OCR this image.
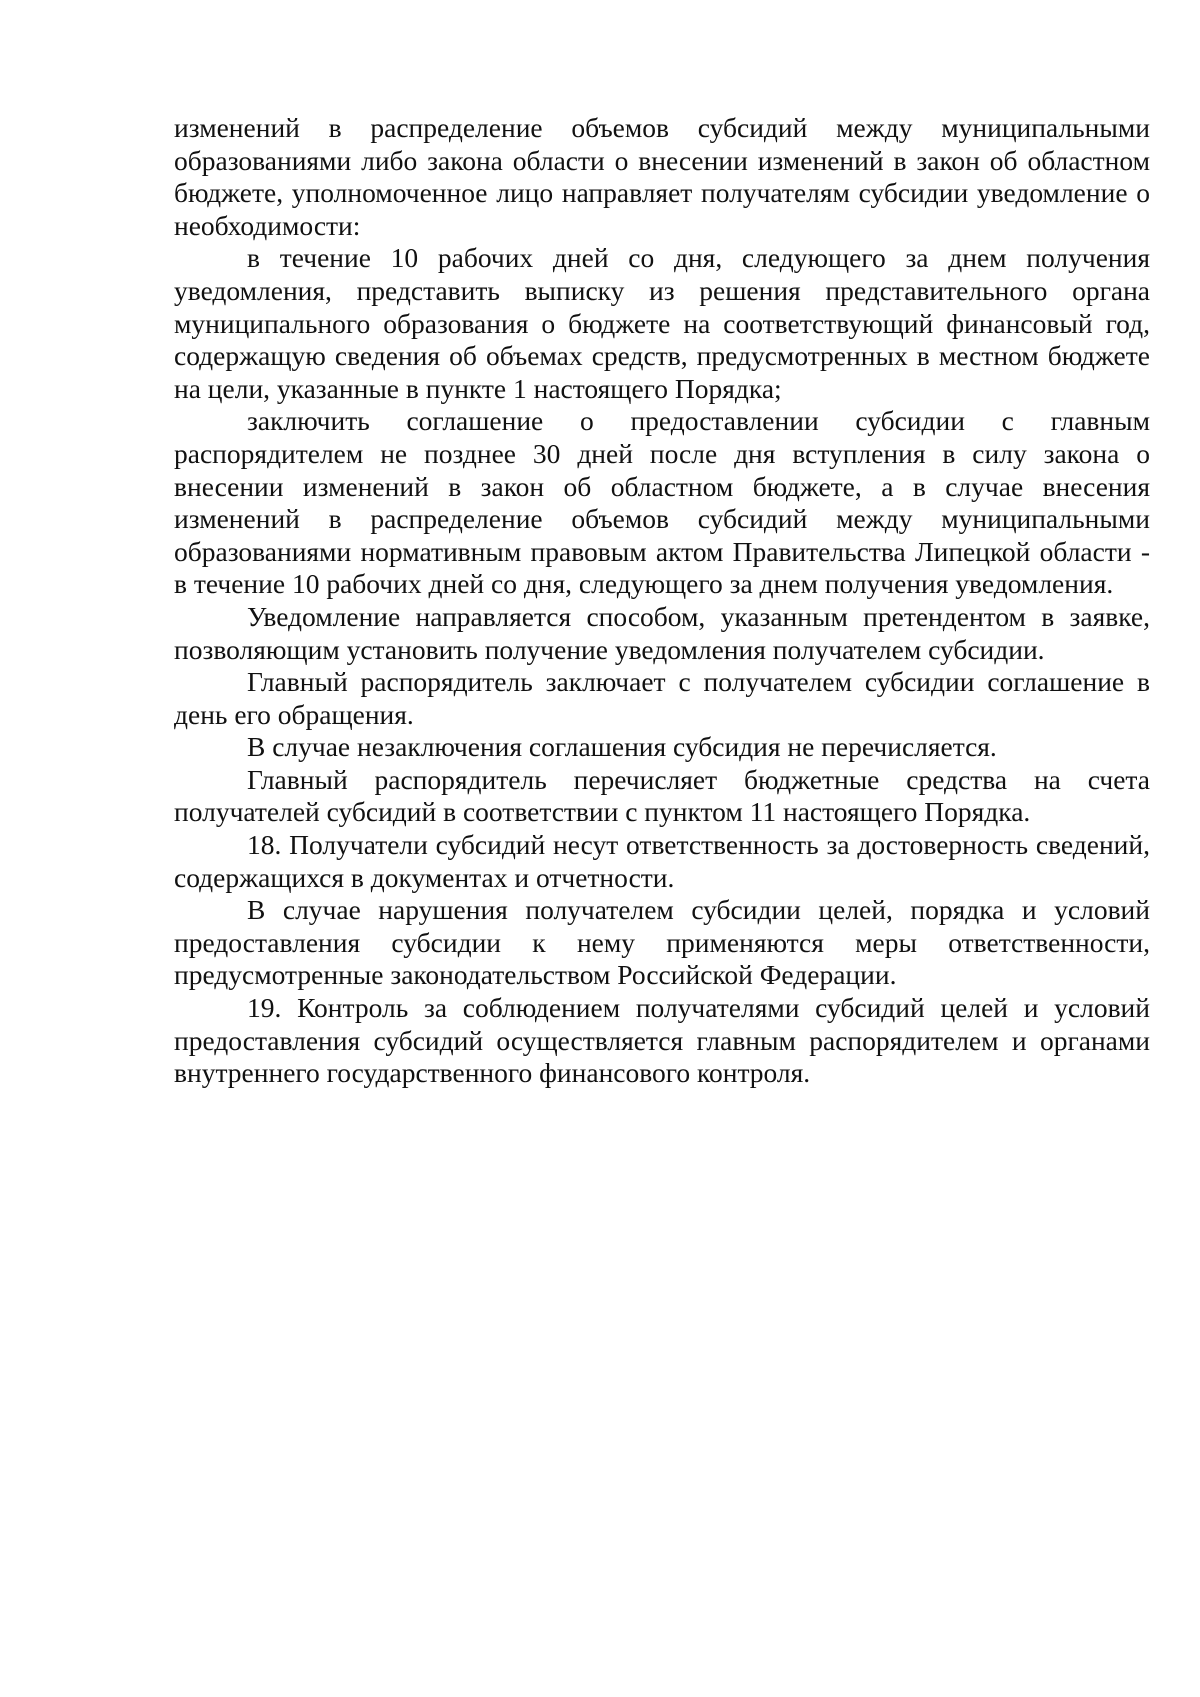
изменений в распределение объемов субсидий между муниципальными образованиями либо закона области о внесении изменений в закон об областном бюджете, уполномоченное лицо направляет получателям субсидии уведомление о необходимости:

в течение 10 рабочих дней со дня, следующего за днем получения уведомления, представить выписку из решения представительного органа муниципального образования о бюджете на соответствующий финансовый год, содержащую сведения об объемах средств, предусмотренных в местном бюджете на цели, указанные в пункте 1 настоящего Порядка;

заключить соглашение о предоставлении субсидии с главным распорядителем не позднее 30 дней после дня вступления в силу закона о внесении изменений в закон об областном бюджете, а в случае внесения изменений в распределение объемов субсидий между муниципальными образованиями нормативным правовым актом Правительства Липецкой области - в течение 10 рабочих дней со дня, следующего за днем получения уведомления.

Уведомление направляется способом, указанным претендентом в заявке, позволяющим установить получение уведомления получателем субсидии.

Главный распорядитель заключает с получателем субсидии соглашение в день его обращения.

В случае незаключения соглашения субсидия не перечисляется.

Главный распорядитель перечисляет бюджетные средства на счета получателей субсидий в соответствии с пунктом 11 настоящего Порядка.

18. Получатели субсидий несут ответственность за достоверность сведений, содержащихся в документах и отчетности.

В случае нарушения получателем субсидии целей, порядка и условий предоставления субсидии к нему применяются меры ответственности, предусмотренные законодательством Российской Федерации.

19. Контроль за соблюдением получателями субсидий целей и условий предоставления субсидий осуществляется главным распорядителем и органами внутреннего государственного финансового контроля.
